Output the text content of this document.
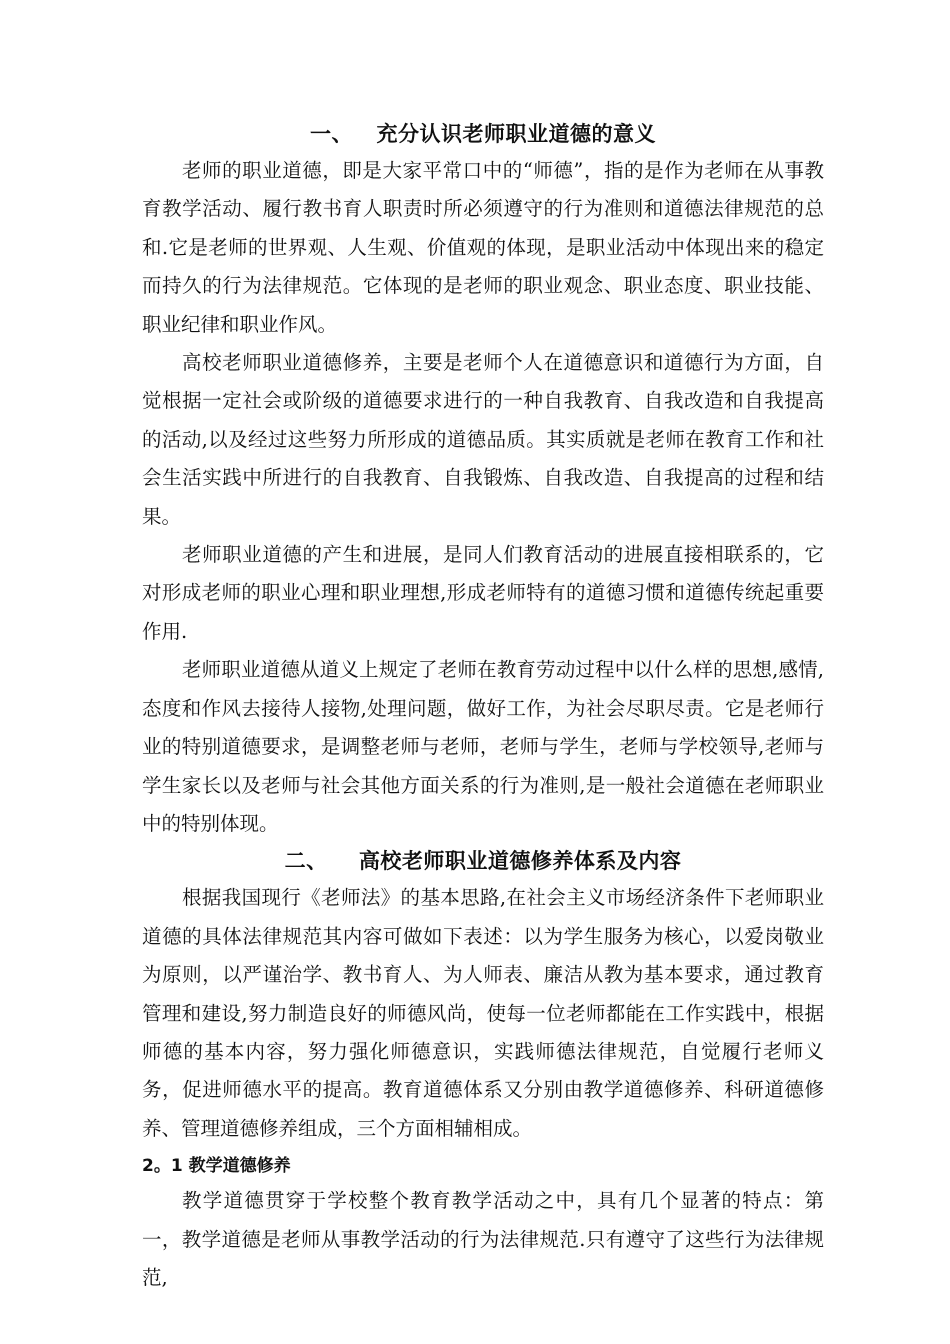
一、   充分认识老师职业道德的意义

老师的职业道德，即是大家平常口中的“师德”，指的是作为老师在从事教育教学活动、履行教书育人职责时所必须遵守的行为准则和道德法律规范的总和.它是老师的世界观、人生观、价值观的体现，是职业活动中体现出来的稳定而持久的行为法律规范。它体现的是老师的职业观念、职业态度、职业技能、职业纪律和职业作风。

高校老师职业道德修养，主要是老师个人在道德意识和道德行为方面，自觉根据一定社会或阶级的道德要求进行的一种自我教育、自我改造和自我提高的活动,以及经过这些努力所形成的道德品质。其实质就是老师在教育工作和社会生活实践中所进行的自我教育、自我锻炼、自我改造、自我提高的过程和结果。

老师职业道德的产生和进展，是同人们教育活动的进展直接相联系的，它对形成老师的职业心理和职业理想,形成老师特有的道德习惯和道德传统起重要作用.

老师职业道德从道义上规定了老师在教育劳动过程中以什么样的思想,感情,态度和作风去接待人接物,处理问题，做好工作，为社会尽职尽责。它是老师行业的特别道德要求，是调整老师与老师，老师与学生，老师与学校领导,老师与学生家长以及老师与社会其他方面关系的行为准则,是一般社会道德在老师职业中的特别体现。

二、    高校老师职业道德修养体系及内容

根据我国现行《老师法》的基本思路,在社会主义市场经济条件下老师职业道德的具体法律规范其内容可做如下表述：以为学生服务为核心，以爱岗敬业为原则，以严谨治学、教书育人、为人师表、廉洁从教为基本要求，通过教育管理和建设,努力制造良好的师德风尚，使每一位老师都能在工作实践中，根据师德的基本内容，努力强化师德意识，实践师德法律规范，自觉履行老师义务，促进师德水平的提高。教育道德体系又分别由教学道德修养、科研道德修养、管理道德修养组成，三个方面相辅相成。

2。1 教学道德修养

教学道德贯穿于学校整个教育教学活动之中，具有几个显著的特点：第一，教学道德是老师从事教学活动的行为法律规范.只有遵守了这些行为法律规范,
